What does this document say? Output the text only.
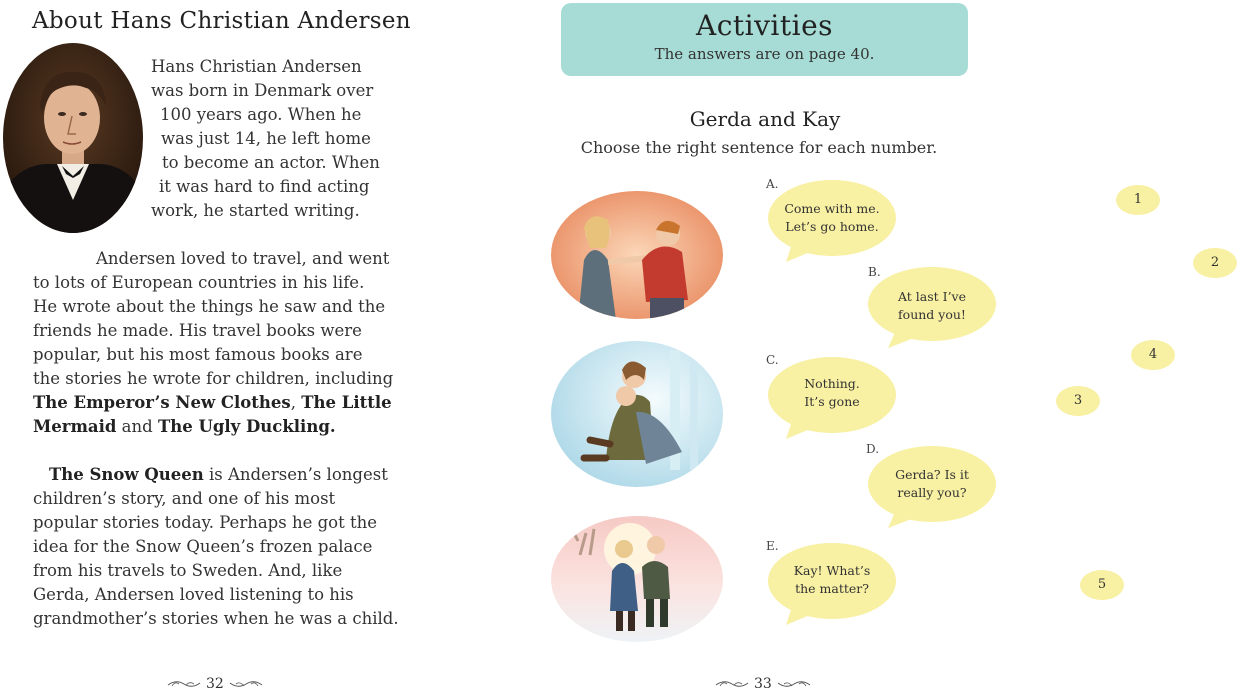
About Hans Christian Andersen
Hans Christian Andersen
was born in Denmark over
100 years ago. When he
was just 14, he left home
to become an actor. When
it was hard to find acting
work, he started writing.
Andersen loved to travel, and went
to lots of European countries in his life.
He wrote about the things he saw and the
friends he made. His travel books were
popular, but his most famous books are
the stories he wrote for children, including
The Emperor’s New Clothes, The Little
Mermaid and The Ugly Duckling.
The Snow Queen is Andersen’s longest
children’s story, and one of his most
popular stories today. Perhaps he got the
idea for the Snow Queen’s frozen palace
from his travels to Sweden. And, like
Gerda, Andersen loved listening to his
grandmother’s stories when he was a child.
32
Activities
The answers are on page 40.
Gerda and Kay
Choose the right sentence for each number.
1
2
4
3
5
A.
Come with me.
Let’s go home.
B.
At last I’ve
found you!
C.
Nothing.
It’s gone
D.
Gerda? Is it
really you?
E.
Kay! What’s
the matter?
33
